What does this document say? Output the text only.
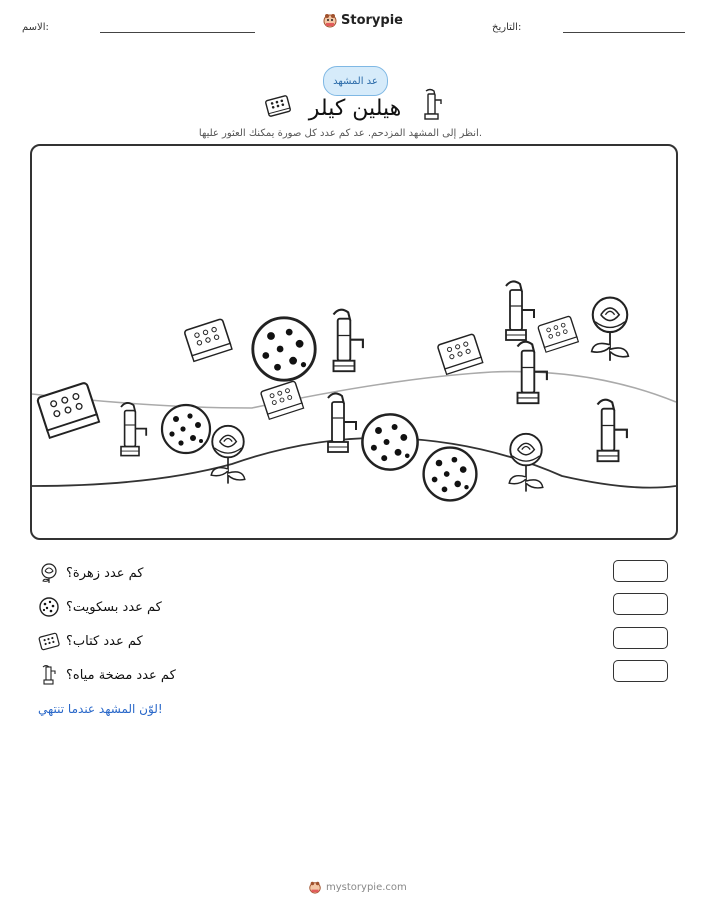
الاسم:	Storypie	التاريخ:
عد المشهد
هيلين كيلر
انظر إلى المشهد المزدحم. عد كم عدد كل صورة يمكنك العثور عليها.
كم عدد زهرة؟
كم عدد بسكويت؟
كم عدد كتاب؟
كم عدد مضخة مياه؟
لوّن المشهد عندما تنتهي!
mystorypie.com
